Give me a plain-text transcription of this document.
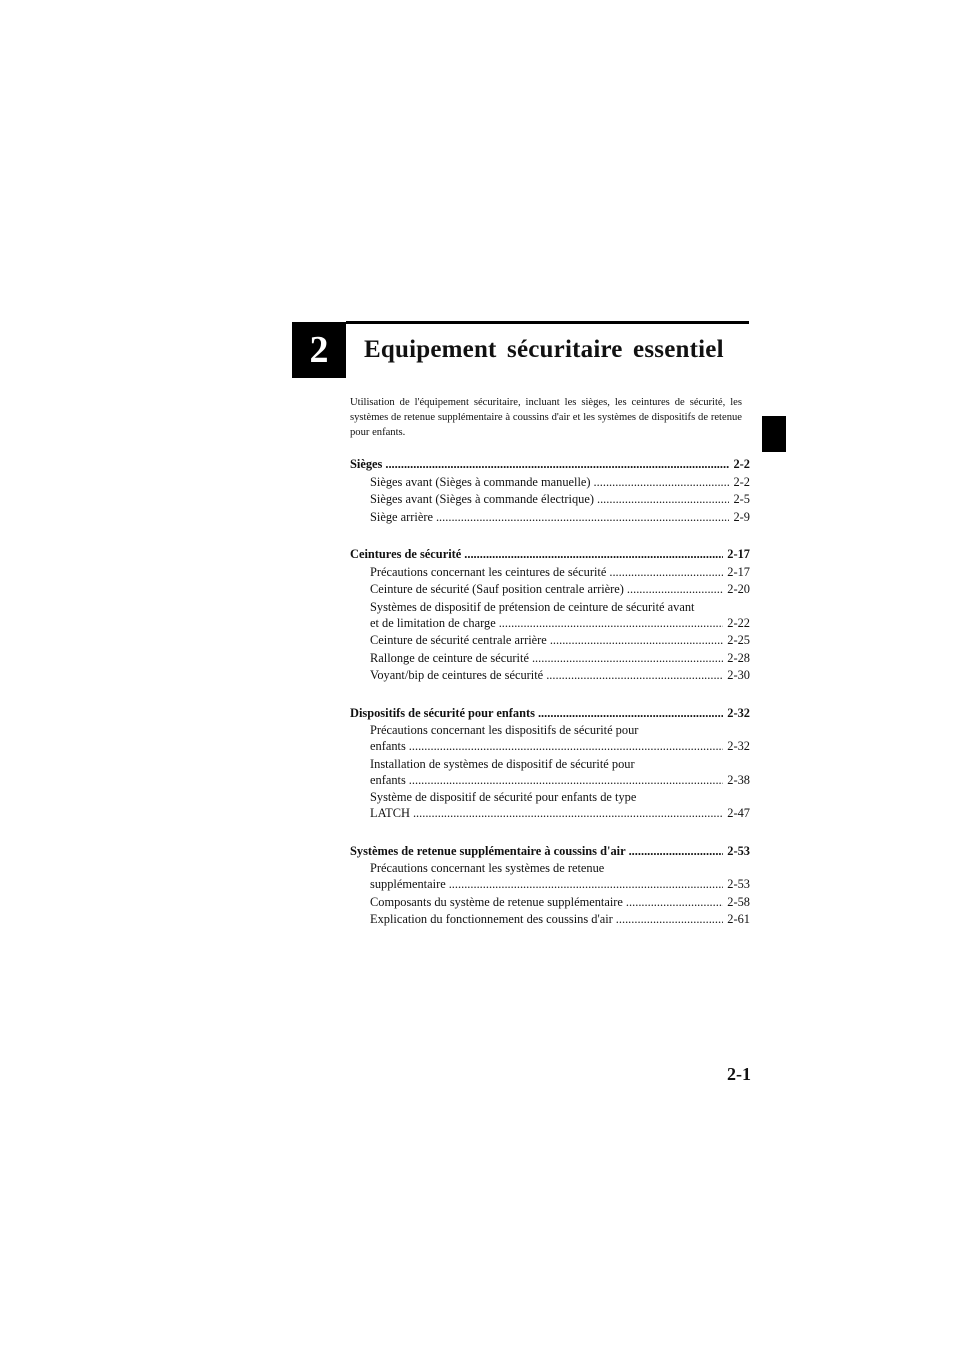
2 Equipement sécuritaire essentiel
Utilisation de l'équipement sécuritaire, incluant les sièges, les ceintures de sécurité, les systèmes de retenue supplémentaire à coussins d'air et les systèmes de dispositifs de retenue pour enfants.
Sièges .....	2-2
Sièges avant (Sièges à commande manuelle) .....	2-2
Sièges avant (Sièges à commande électrique) .....	2-5
Siège arrière .....	2-9
Ceintures de sécurité .....	2-17
Précautions concernant les ceintures de sécurité .....	2-17
Ceinture de sécurité (Sauf position centrale arrière) .....	2-20
Systèmes de dispositif de prétension de ceinture de sécurité avant
et de limitation de charge .....	2-22
Ceinture de sécurité centrale arrière .....	2-25
Rallonge de ceinture de sécurité .....	2-28
Voyant/bip de ceintures de sécurité .....	2-30
Dispositifs de sécurité pour enfants .....	2-32
Précautions concernant les dispositifs de sécurité pour
enfants .....	2-32
Installation de systèmes de dispositif de sécurité pour
enfants .....	2-38
Système de dispositif de sécurité pour enfants de type
LATCH .....	2-47
Systèmes de retenue supplémentaire à coussins d'air .....	2-53
Précautions concernant les systèmes de retenue
supplémentaire .....	2-53
Composants du système de retenue supplémentaire .....	2-58
Explication du fonctionnement des coussins d'air .....	2-61
2-1
